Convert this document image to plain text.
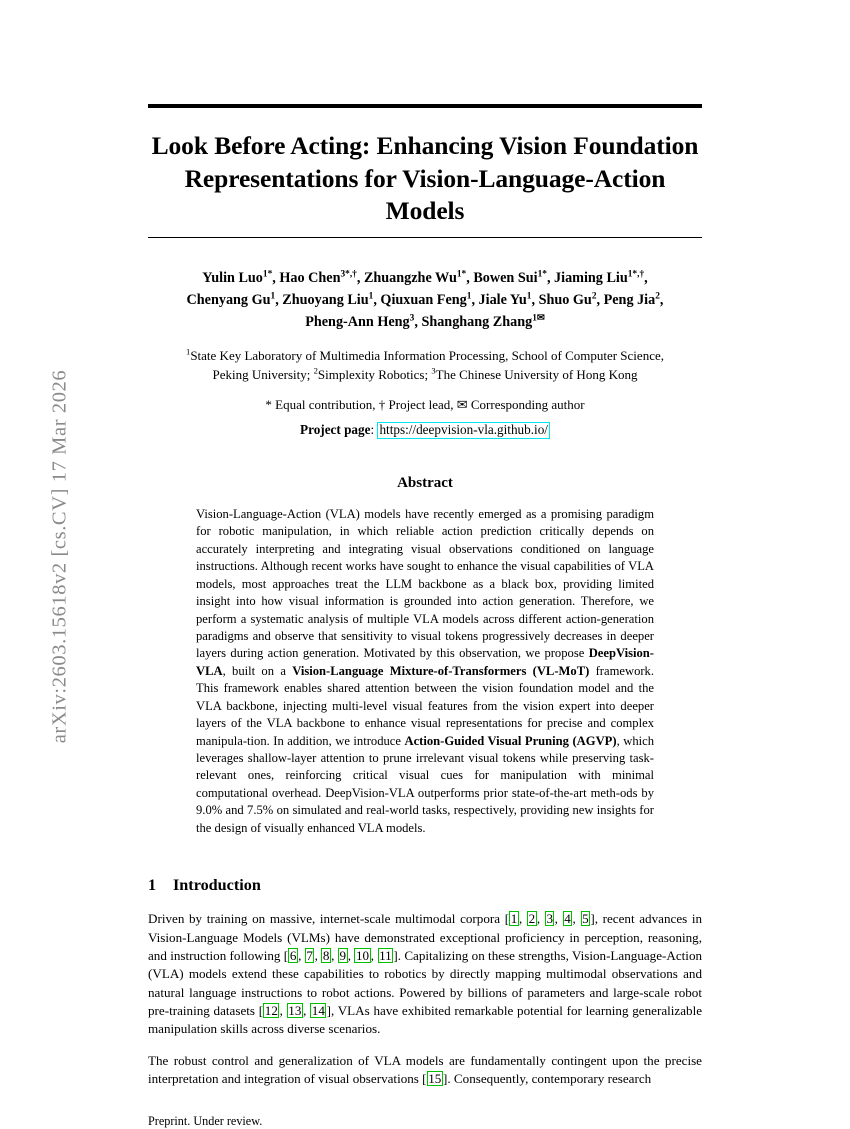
arXiv:2603.15618v2 [cs.CV] 17 Mar 2026
Look Before Acting: Enhancing Vision Foundation
Representations for Vision-Language-Action Models
Yulin Luo$^{1*}$, Hao Chen$^{3*,\dagger}$, Zhuangzhe $Wu^{1*}$, Bowen Sui$^{1*}$, Jiaming Liu$^{1*,\dagger}$,
Chenyang Gu$^1$, Zhuoyang Liu$^1$, Qiuxuan Feng$^1$, Jiale Yu$^1$, Shuo Gu$^2$, Peng Jia$^2$,
Pheng-Ann Heng$^3$, Shanghang Zhang$^{1✉}$
$^1$State Key Laboratory of Multimedia Information Processing, School of Computer Science,
Peking University; $^2$Simplexity Robotics; $^3$The Chinese University of Hong Kong
* Equal contribution, † Project lead, ✉ Corresponding author
Project page: https://deepvision-vla.github.io/
Abstract
Vision-Language-Action (VLA) models have recently emerged as a promising paradigm for robotic manipulation, in which reliable action prediction critically depends on accurately interpreting and integrating visual observations conditioned on language instructions. Although recent works have sought to enhance the visual capabilities of VLA models, most approaches treat the LLM backbone as a black box, providing limited insight into how visual information is grounded into action generation. Therefore, we perform a systematic analysis of multiple VLA models across different action-generation paradigms and observe that sensitivity to visual tokens progressively decreases in deeper layers during action generation. Motivated by this observation, we propose DeepVision-VLA, built on a Vision-Language Mixture-of-Transformers (VL-MoT) framework. This framework enables shared attention between the vision foundation model and the VLA backbone, injecting multi-level visual features from the vision expert into deeper layers of the VLA backbone to enhance visual representations for precise and complex manipula-tion. In addition, we introduce Action-Guided Visual Pruning (AGVP), which leverages shallow-layer attention to prune irrelevant visual tokens while preserving task-relevant ones, reinforcing critical visual cues for manipulation with minimal computational overhead. DeepVision-VLA outperforms prior state-of-the-art meth-ods by 9.0% and 7.5% on simulated and real-world tasks, respectively, providing new insights for the design of visually enhanced VLA models.
1 Introduction

Driven by training on massive, internet-scale multimodal corpora [ 1 , 2 , 3 , 4 , 5 ], recent advances in Vision-Language Models (VLMs) have demonstrated exceptional proficiency in perception, reasoning, and instruction following [ 6 , 7 , 8 , 9 , 10 , 11 ]. Capitalizing on these strengths, Vision-Language-Action (VLA) models extend these capabilities to robotics by directly mapping multimodal observations and natural language instructions to robot actions. Powered by billions of parameters and large-scale robot pre-training datasets [ 12 , 13 , 14 ], VLAs have exhibited remarkable potential for learning generalizable manipulation skills across diverse scenarios.

The robust control and generalization of VLA models are fundamentally contingent upon the precise interpretation and integration of visual observations [ 15 ]. Consequently, contemporary research

Preprint. Under review.
